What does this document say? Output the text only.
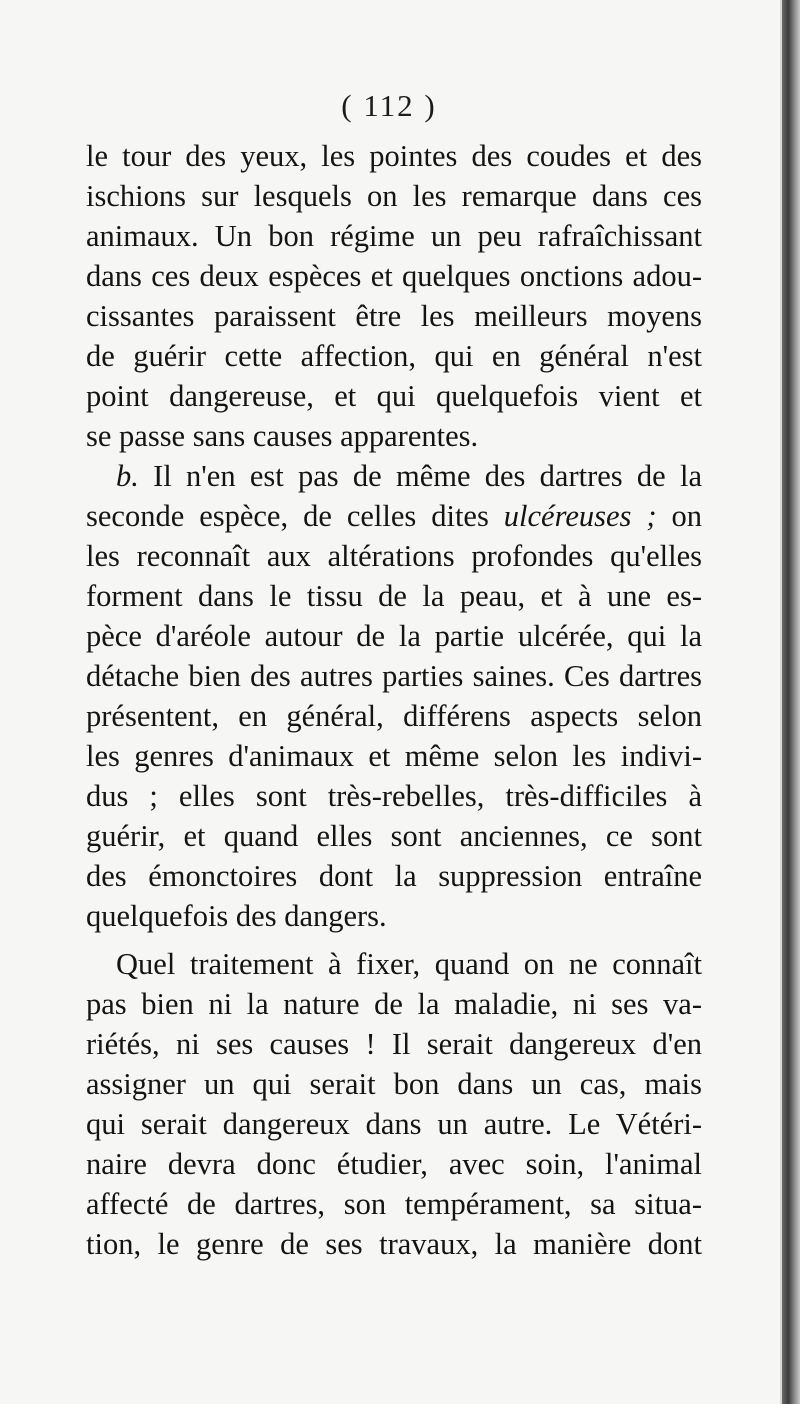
( 112 )
le tour des yeux, les pointes des coudes et des
ischions sur lesquels on les remarque dans ces
animaux. Un bon régime un peu rafraîchissant
dans ces deux espèces et quelques onctions adou-
cissantes paraissent être les meilleurs moyens
de guérir cette affection, qui en général n'est
point dangereuse, et qui quelquefois vient et
se passe sans causes apparentes.
b. Il n'en est pas de même des dartres de la
seconde espèce, de celles dites ulcéreuses ; on
les reconnaît aux altérations profondes qu'elles
forment dans le tissu de la peau, et à une es-
pèce d'aréole autour de la partie ulcérée, qui la
détache bien des autres parties saines. Ces dartres
présentent, en général, différens aspects selon
les genres d'animaux et même selon les indivi-
dus ; elles sont très-rebelles, très-difficiles à
guérir, et quand elles sont anciennes, ce sont
des émonctoires dont la suppression entraîne
quelquefois des dangers.
Quel traitement à fixer, quand on ne connaît
pas bien ni la nature de la maladie, ni ses va-
riétés, ni ses causes ! Il serait dangereux d'en
assigner un qui serait bon dans un cas, mais
qui serait dangereux dans un autre. Le Vétéri-
naire devra donc étudier, avec soin, l'animal
affecté de dartres, son tempérament, sa situa-
tion, le genre de ses travaux, la manière dont
